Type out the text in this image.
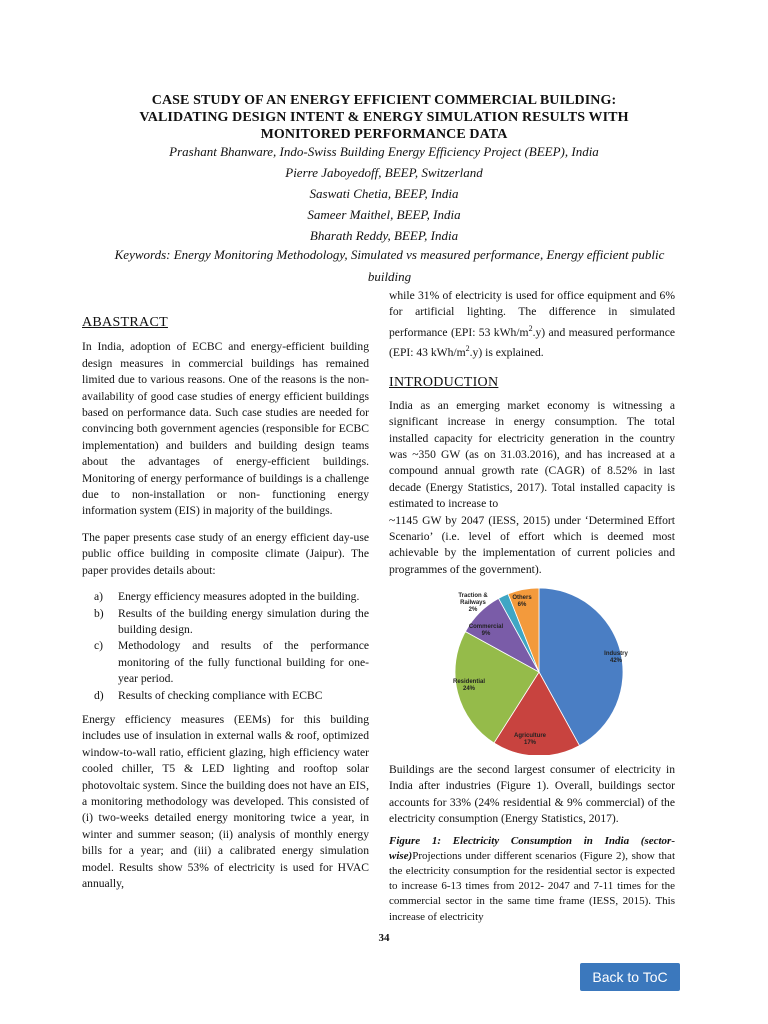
CASE STUDY OF AN ENERGY EFFICIENT COMMERCIAL BUILDING:
VALIDATING DESIGN INTENT & ENERGY SIMULATION RESULTS WITH
MONITORED PERFORMANCE DATA
Prashant Bhanware, Indo-Swiss Building Energy Efficiency Project (BEEP), India
Pierre Jaboyedoff, BEEP, Switzerland
Saswati Chetia, BEEP, India
Sameer Maithel, BEEP, India
Bharath Reddy, BEEP, India
Keywords: Energy Monitoring Methodology, Simulated vs measured performance, Energy efficient public
building
ABASTRACT

In India, adoption of ECBC and energy-efficient building design measures in commercial buildings has remained limited due to various reasons. One of the reasons is the non-availability of good case studies of energy efficient buildings based on performance data. Such case studies are needed for convincing both government agencies (responsible for ECBC implementation) and builders and building design teams about the advantages of energy-efficient buildings. Monitoring of energy performance of buildings is a challenge due to non-installation or non- functioning energy information system (EIS) in majority of the buildings.

The paper presents case study of an energy efficient day-use public office building in composite climate (Jaipur). The paper provides details about:

a) Energy efficiency measures adopted in the building.
b) Results of the building energy simulation during the building design.
c) Methodology and results of the performance monitoring of the fully functional building for one-year period.
d) Results of checking compliance with ECBC

Energy efficiency measures (EEMs) for this building includes use of insulation in external walls & roof, optimized window-to-wall ratio, efficient glazing, high efficiency water cooled chiller, T5 & LED lighting and rooftop solar photovoltaic system. Since the building does not have an EIS, a monitoring methodology was developed. This consisted of (i) two-weeks detailed energy monitoring twice a year, in winter and summer season; (ii) analysis of monthly energy bills for a year; and (iii) a calibrated energy simulation model. Results show 53% of electricity is used for HVAC annually,

while 31% of electricity is used for office equipment and 6% for artificial lighting. The difference in simulated performance (EPI: 53 kWh/$m^2.y$) and measured performance (EPI: 43 kWh/$m^2.y$) is explained.

INTRODUCTION

India as an emerging market economy is witnessing a significant increase in energy consumption. The total installed capacity for electricity generation in the country was ~350 GW (as on 31.03.2016), and has increased at a compound annual growth rate (CAGR) of 8.52% in last decade (Energy Statistics, 2017). Total installed capacity is estimated to increase to

~1145 GW by 2047 (IESS, 2015) under ‘Determined Effort Scenario’ (i.e. level of effort which is deemed most achievable by the implementation of current policies and programmes of the government).

Industry
42%
Agriculture
17%
Residential
24%
Commercial
9%
Traction &
Railways
2%
Others
6%

Buildings are the second largest consumer of electricity in India after industries (Figure 1). Overall, buildings sector accounts for 33% (24% residential & 9% commercial) of the electricity consumption (Energy Statistics, 2017).

Figure 1: Electricity Consumption in India (sector-wise)Projections under different scenarios (Figure 2), show that the electricity consumption for the residential sector is expected to increase 6-13 times from 2012- 2047 and 7-11 times for the commercial sector in the same time frame (IESS, 2015). This increase of electricity

34
Back to ToC
